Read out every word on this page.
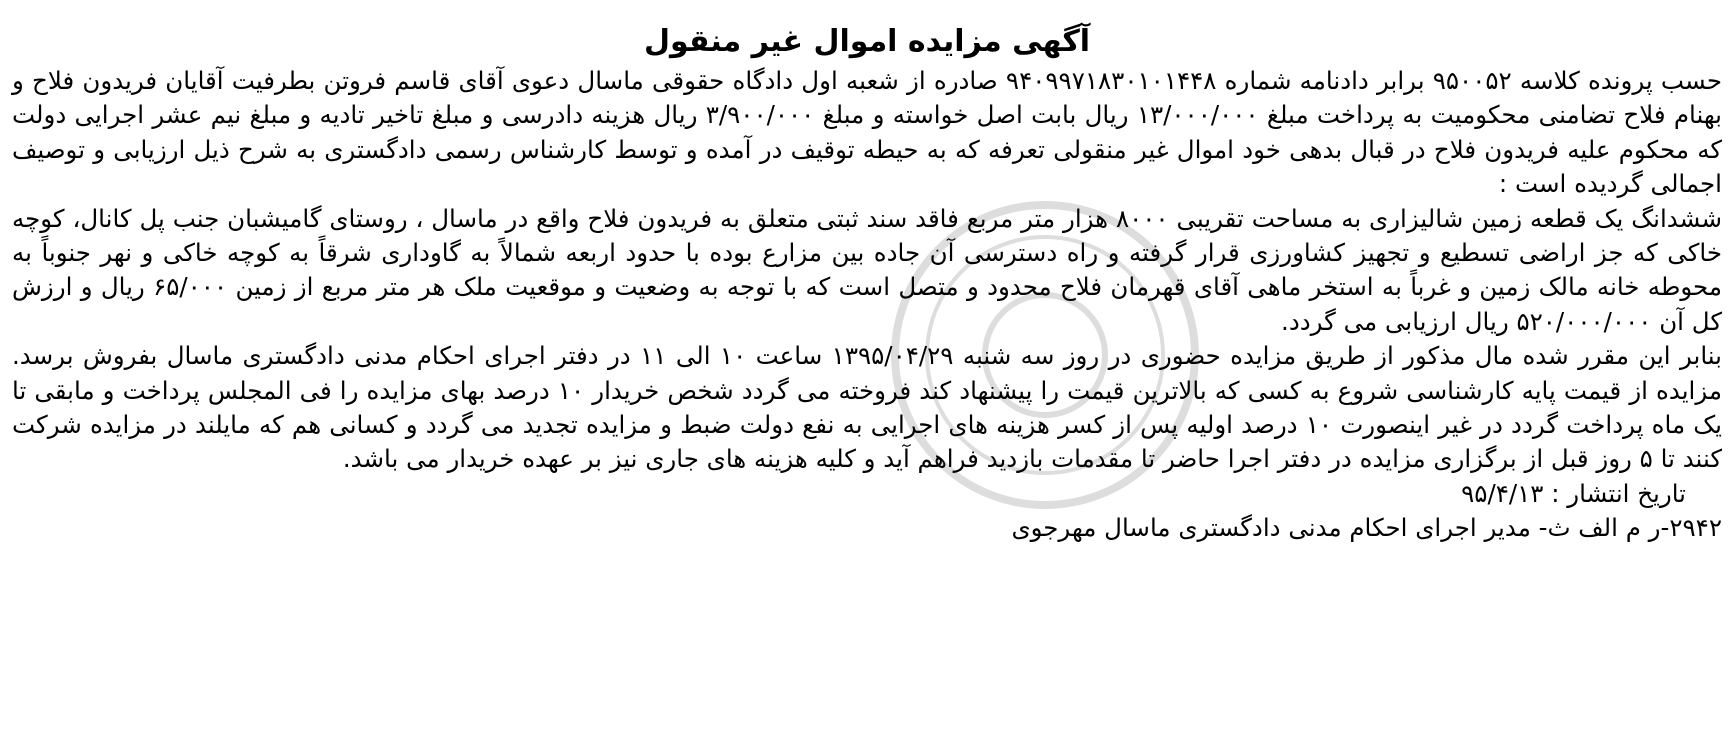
آگهی مزایده اموال غیر منقول

حسب پرونده کلاسه ۹۵۰۰۵۲ برابر دادنامه شماره ۹۴۰۹۹۷۱۸۳۰۱۰۱۴۴۸ صادره از شعبه اول دادگاه حقوقی ماسال دعوی آقای قاسم فروتن بطرفیت آقایان فریدون فلاح و بهنام فلاح تضامنی محکومیت به پرداخت مبلغ ۱۳/۰۰۰/۰۰۰ ریال بابت اصل خواسته و مبلغ ۳/۹۰۰/۰۰۰ ریال هزینه دادرسی و مبلغ تاخیر تادیه و مبلغ نیم عشر اجرایی دولت که محکوم علیه فریدون فلاح در قبال بدهی خود اموال غیر منقولی تعرفه که به حیطه توقیف در آمده و توسط کارشناس رسمی دادگستری به شرح ذیل ارزیابی و توصیف اجمالی گردیده است :

ششدانگ یک قطعه زمین شالیزاری به مساحت تقریبی ۸۰۰۰ هزار متر مربع فاقد سند ثبتی متعلق به فریدون فلاح واقع در ماسال ، روستای گامیشبان جنب پل کانال، کوچه خاکی که جز اراضی تسطیع و تجهیز کشاورزی قرار گرفته و راه دسترسی آن جاده بین مزارع بوده با حدود اربعه شمالاً به گاوداری شرقاً به کوچه خاکی و نهر جنوباً به محوطه خانه مالک زمین و غرباً به استخر ماهی آقای قهرمان فلاح محدود و متصل است که با توجه به وضعیت و موقعیت ملک هر متر مربع از زمین ۶۵/۰۰۰ ریال و ارزش کل آن ۵۲۰/۰۰۰/۰۰۰ ریال ارزیابی می گردد.

بنابر این مقرر شده مال مذکور از طریق مزایده حضوری در روز سه شنبه ۱۳۹۵/۰۴/۲۹ ساعت ۱۰ الی ۱۱ در دفتر اجرای احکام مدنی دادگستری ماسال بفروش برسد. مزایده از قیمت پایه کارشناسی شروع به کسی که بالاترین قیمت را پیشنهاد کند فروخته می گردد شخص خریدار ۱۰ درصد بهای مزایده را فی المجلس پرداخت و مابقی تا یک ماه پرداخت گردد در غیر اینصورت ۱۰ درصد اولیه پس از کسر هزینه های اجرایی به نفع دولت ضبط و مزایده تجدید می گردد و کسانی هم که مایلند در مزایده شرکت کنند تا ۵ روز قبل از برگزاری مزایده در دفتر اجرا حاضر تا مقدمات بازدید فراهم آید و کلیه هزینه های جاری نیز بر عهده خریدار می باشد.

تاریخ انتشار : ۹۵/۴/۱۳
۲۹۴۲-ر م الف ث- مدیر اجرای احکام مدنی دادگستری ماسال مهرجوی
